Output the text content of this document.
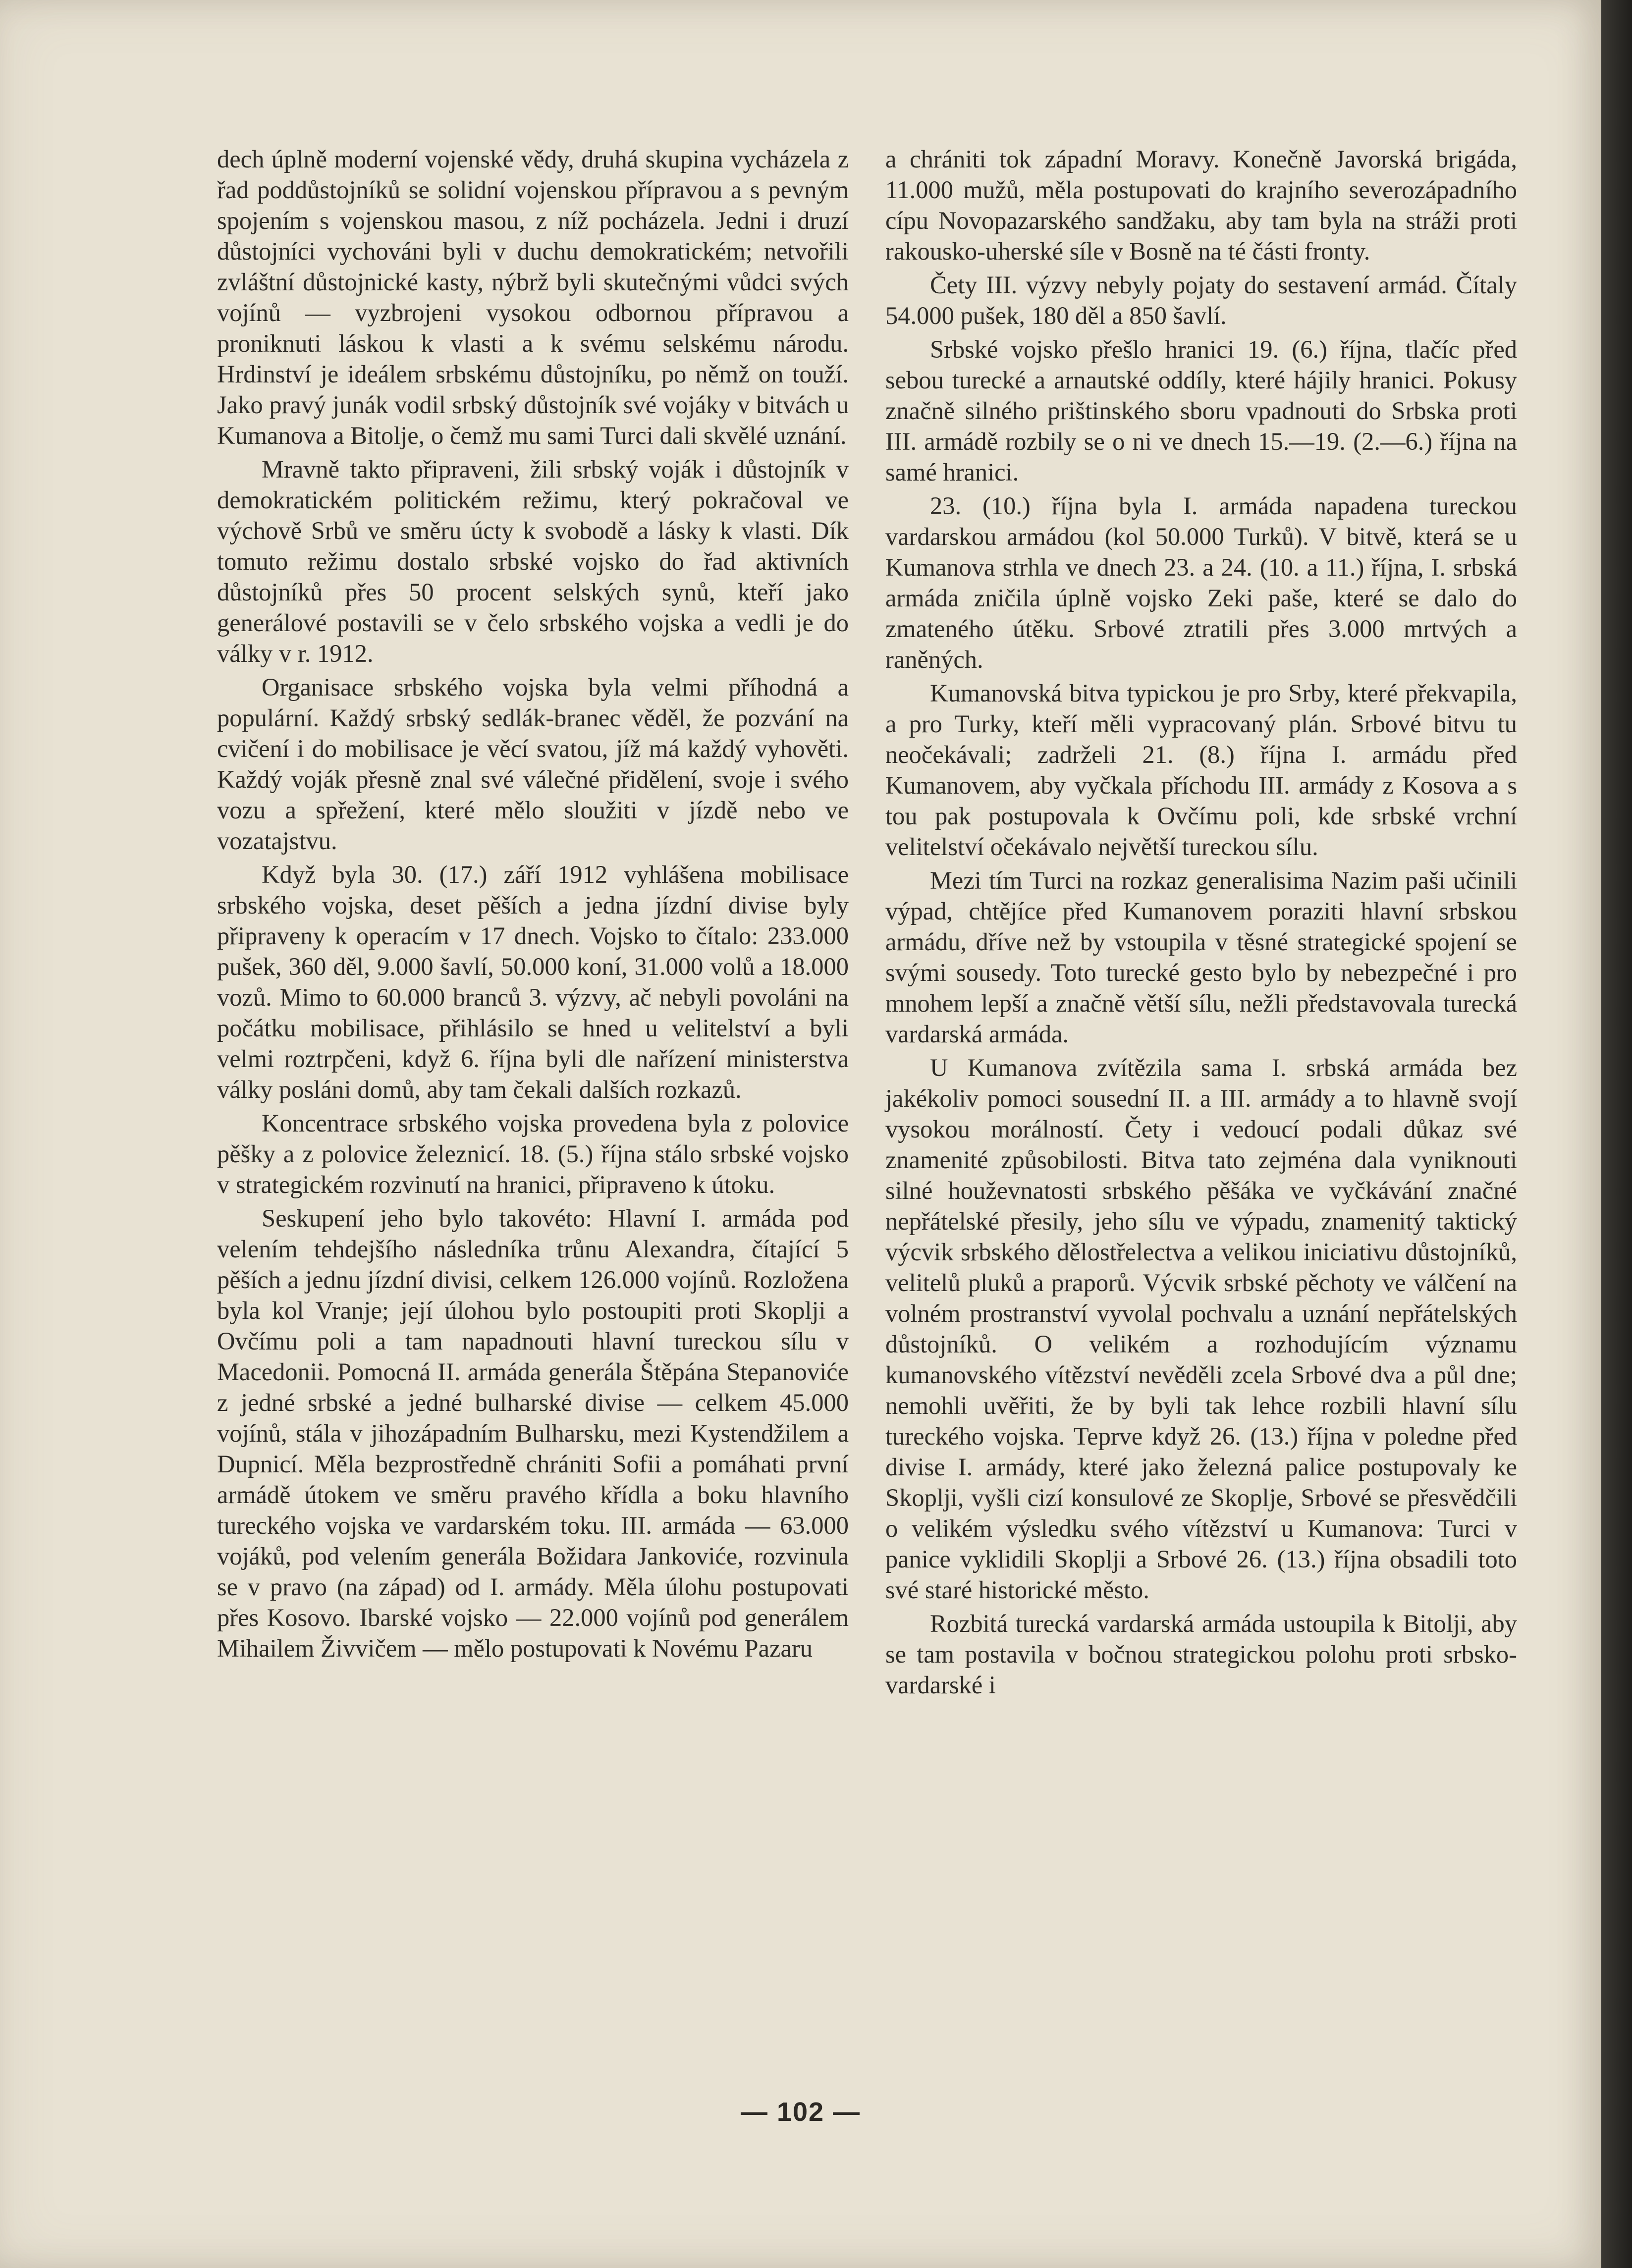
dech úplně moderní vojenské vědy, druhá skupina vycházela z řad poddůstojníků se solidní vojenskou přípravou a s pevným spojením s vojenskou masou, z níž pocházela. Jedni i druzí důstojníci vychováni byli v duchu demokratickém; netvořili zvláštní důstojnické kasty, nýbrž byli skutečnými vůdci svých vojínů — vyzbrojeni vysokou odbornou přípravou a proniknuti láskou k vlasti a k svému selskému národu. Hrdinství je ideálem srbskému důstojníku, po němž on touží. Jako pravý junák vodil srbský důstojník své vojáky v bitvách u Kumanova a Bitolje, o čemž mu sami Turci dali skvělé uznání.

Mravně takto připraveni, žili srbský voják i důstojník v demokratickém politickém režimu, který pokračoval ve výchově Srbů ve směru úcty k svobodě a lásky k vlasti. Dík tomuto režimu dostalo srbské vojsko do řad aktivních důstojníků přes 50 procent selských synů, kteří jako generálové postavili se v čelo srbského vojska a vedli je do války v r. 1912.

Organisace srbského vojska byla velmi příhodná a populární. Každý srbský sedlák-branec věděl, že pozvání na cvičení i do mobilisace je věcí svatou, jíž má každý vyhověti. Každý voják přesně znal své válečné přidělení, svoje i svého vozu a spřežení, které mělo sloužiti v jízdě nebo ve vozatajstvu.

Když byla 30. (17.) září 1912 vyhlášena mobilisace srbského vojska, deset pěších a jedna jízdní divise byly připraveny k operacím v 17 dnech. Vojsko to čítalo: 233.000 pušek, 360 děl, 9.000 šavlí, 50.000 koní, 31.000 volů a 18.000 vozů. Mimo to 60.000 branců 3. výzvy, ač nebyli povoláni na počátku mobilisace, přihlásilo se hned u velitelství a byli velmi roztrpčeni, když 6. října byli dle nařízení ministerstva války posláni domů, aby tam čekali dalších rozkazů.

Koncentrace srbského vojska provedena byla z polovice pěšky a z polovice železnicí. 18. (5.) října stálo srbské vojsko v strategickém rozvinutí na hranici, připraveno k útoku.

Seskupení jeho bylo takovéto: Hlavní I. armáda pod velením tehdejšího následníka trůnu Alexandra, čítající 5 pěších a jednu jízdní divisi, celkem 126.000 vojínů. Rozložena byla kol Vranje; její úlohou bylo postoupiti proti Skoplji a Ovčímu poli a tam napadnouti hlavní tureckou sílu v Macedonii. Pomocná II. armáda generála Štěpána Stepanoviće z jedné srbské a jedné bulharské divise — celkem 45.000 vojínů, stála v jihozápadním Bulharsku, mezi Kystendžilem a Dupnicí. Měla bezprostředně chrániti Sofii a pomáhati první armádě útokem ve směru pravého křídla a boku hlavního tureckého vojska ve vardarském toku. III. armáda — 63.000 vojáků, pod velením generála Božidara Jankoviće, rozvinula se v pravo (na západ) od I. armády. Měla úlohu postupovati přes Kosovo. Ibarské vojsko — 22.000 vojínů pod generálem Mihailem Živvičem — mělo postupovati k Novému Pazaru

a chrániti tok západní Moravy. Konečně Javorská brigáda, 11.000 mužů, měla postupovati do krajního severozápadního cípu Novopazarského sandžaku, aby tam byla na stráži proti rakousko-uherské síle v Bosně na té části fronty.

Čety III. výzvy nebyly pojaty do sestavení armád. Čítaly 54.000 pušek, 180 děl a 850 šavlí.

Srbské vojsko přešlo hranici 19. (6.) října, tlačíc před sebou turecké a arnautské oddíly, které hájily hranici. Pokusy značně silného prištinského sboru vpadnouti do Srbska proti III. armádě rozbily se o ni ve dnech 15.—19. (2.—6.) října na samé hranici.

23. (10.) října byla I. armáda napadena tureckou vardarskou armádou (kol 50.000 Turků). V bitvě, která se u Kumanova strhla ve dnech 23. a 24. (10. a 11.) října, I. srbská armáda zničila úplně vojsko Zeki paše, které se dalo do zmateného útěku. Srbové ztratili přes 3.000 mrtvých a raněných.

Kumanovská bitva typickou je pro Srby, které překvapila, a pro Turky, kteří měli vypracovaný plán. Srbové bitvu tu neočekávali; zadrželi 21. (8.) října I. armádu před Kumanovem, aby vyčkala příchodu III. armády z Kosova a s tou pak postupovala k Ovčímu poli, kde srbské vrchní velitelství očekávalo největší tureckou sílu.

Mezi tím Turci na rozkaz generalisima Nazim paši učinili výpad, chtějíce před Kumanovem poraziti hlavní srbskou armádu, dříve než by vstoupila v těsné strategické spojení se svými sousedy. Toto turecké gesto bylo by nebezpečné i pro mnohem lepší a značně větší sílu, nežli představovala turecká vardarská armáda.

U Kumanova zvítězila sama I. srbská armáda bez jakékoliv pomoci sousední II. a III. armády a to hlavně svojí vysokou morálností. Čety i vedoucí podali důkaz své znamenité způsobilosti. Bitva tato zejména dala vyniknouti silné houževnatosti srbského pěšáka ve vyčkávání značné nepřátelské přesily, jeho sílu ve výpadu, znamenitý taktický výcvik srbského dělostřelectva a velikou iniciativu důstojníků, velitelů pluků a praporů. Výcvik srbské pěchoty ve válčení na volném prostranství vyvolal pochvalu a uznání nepřátelských důstojníků. O velikém a rozhodujícím významu kumanovského vítězství nevěděli zcela Srbové dva a půl dne; nemohli uvěřiti, že by byli tak lehce rozbili hlavní sílu tureckého vojska. Teprve když 26. (13.) října v poledne před divise I. armády, které jako železná palice postupovaly ke Skoplji, vyšli cizí konsulové ze Skoplje, Srbové se přesvědčili o velikém výsledku svého vítězství u Kumanova: Turci v panice vyklidili Skoplji a Srbové 26. (13.) října obsadili toto své staré historické město.

Rozbitá turecká vardarská armáda ustoupila k Bitolji, aby se tam postavila v bočnou strategickou polohu proti srbsko-vardarské i

— 102 —
